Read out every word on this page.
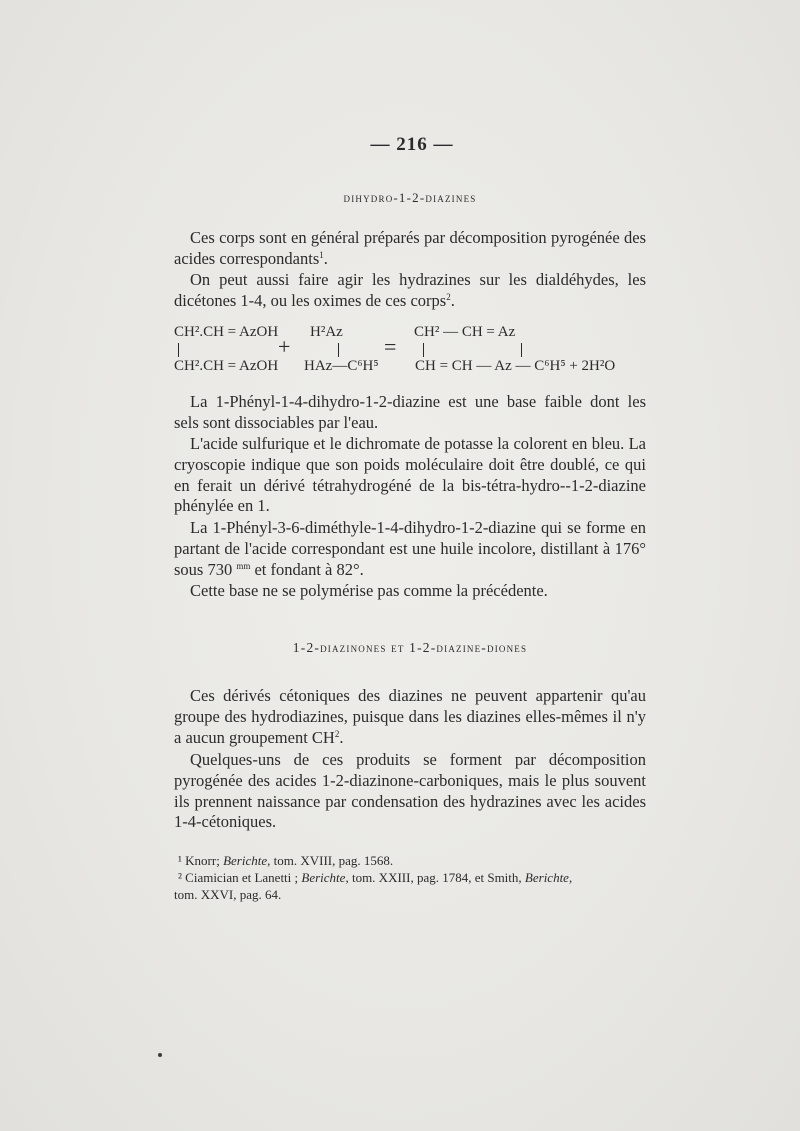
— 216 —
dihydro-1-2-diazines
Ces corps sont en général préparés par décomposition pyrogénée des acides correspondants$^1$.
On peut aussi faire agir les hydrazines sur les dialdéhydes, les dicétones 1-4, ou les oximes de ces corps$^2$.
CH².CH = AzOH H²Az	CH² — CH = Az
+	=
CH².CH = AzOH HAz—C⁶H⁵ CH = CH — Az — C⁶H⁵ + 2H²O
La 1-Phényl-1-4-dihydro-1-2-diazine est une base faible dont les sels sont dissociables par l'eau.
L'acide sulfurique et le dichromate de potasse la colorent en bleu. La cryoscopie indique que son poids moléculaire doit être doublé, ce qui en ferait un dérivé tétrahydrogéné de la bis-tétra-hydro--1-2-diazine phénylée en 1.
La 1-Phényl-3-6-diméthyle-1-4-dihydro-1-2-diazine qui se forme en partant de l'acide correspondant est une huile incolore, distillant à 176° sous 730 $^{mm}$ et fondant à 82°.
Cette base ne se polymérise pas comme la précédente.
1-2-diazinones et 1-2-diazine-diones
Ces dérivés cétoniques des diazines ne peuvent appartenir qu'au groupe des hydrodiazines, puisque dans les diazines elles-mêmes il n'y a aucun groupement $CH^2$.
Quelques-uns de ces produits se forment par décomposition pyrogénée des acides 1-2-diazinone-carboniques, mais le plus souvent ils prennent naissance par condensation des hydrazines avec les acides 1-4-cétoniques.
¹ Knorr; Berichte, tom. XVIII, pag. 1568.
² Ciamician et Lanetti ; Berichte, tom. XXIII, pag. 1784, et Smith, Berichte,
tom. XXVI, pag. 64.
